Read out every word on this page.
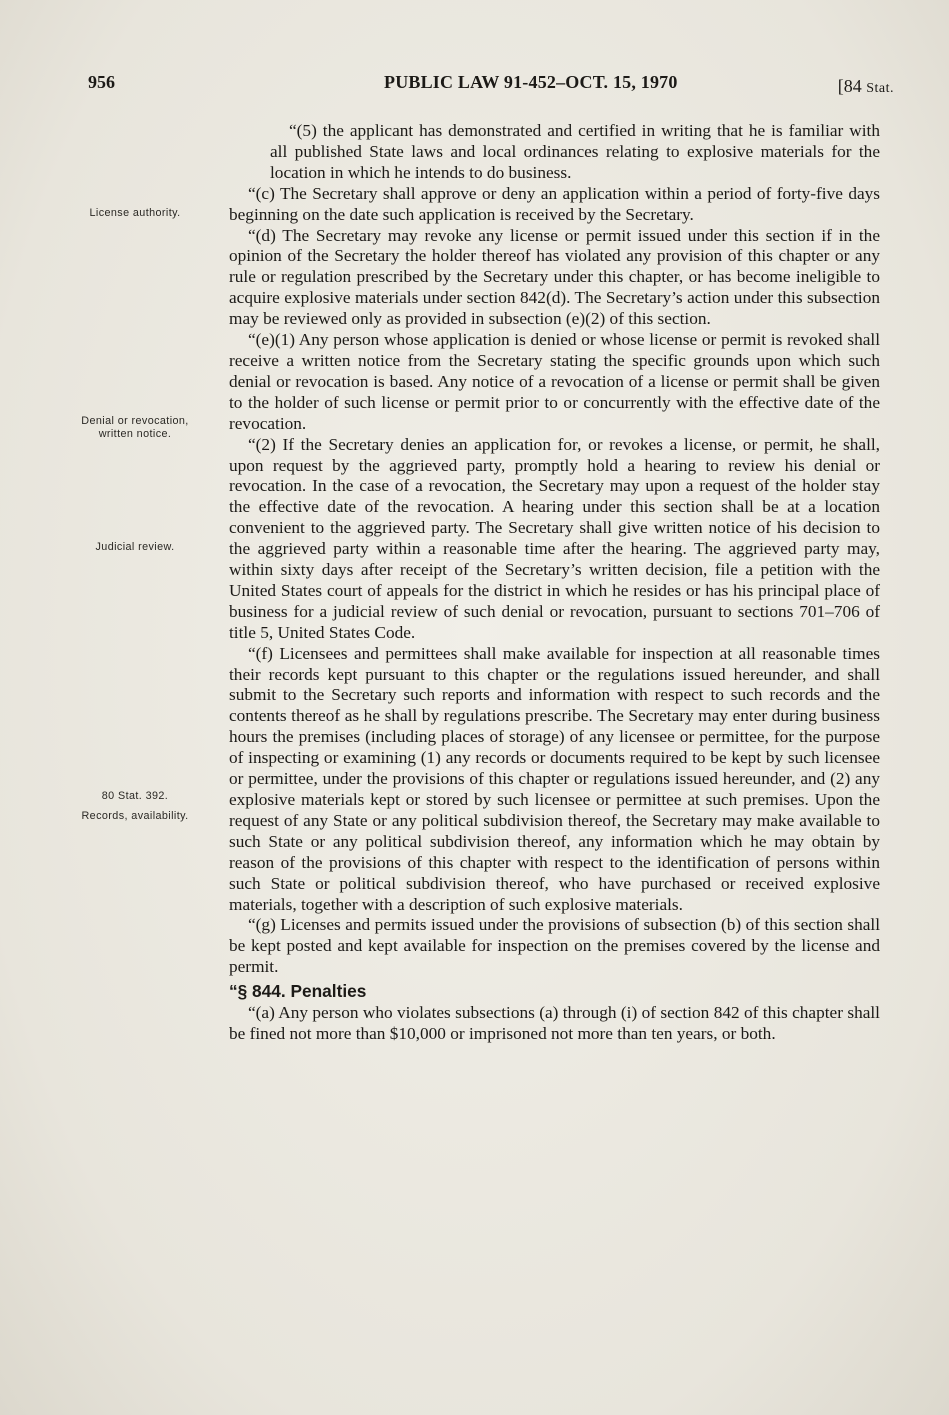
956	PUBLIC LAW 91-452–OCT. 15, 1970	[84 Stat.
License authority.
Denial or revocation, written notice.
Judicial review.
80 Stat. 392.
Records, availability.

“(5) the applicant has demonstrated and certified in writing that he is familiar with all published State laws and local ordinances relating to explosive materials for the location in which he intends to do business.

“(c) The Secretary shall approve or deny an application within a period of forty-five days beginning on the date such application is received by the Secretary.

“(d) The Secretary may revoke any license or permit issued under this section if in the opinion of the Secretary the holder thereof has violated any provision of this chapter or any rule or regulation prescribed by the Secretary under this chapter, or has become ineligible to acquire explosive materials under section 842(d). The Secretary’s action under this subsection may be reviewed only as provided in subsection (e)(2) of this section.

“(e)(1) Any person whose application is denied or whose license or permit is revoked shall receive a written notice from the Secretary stating the specific grounds upon which such denial or revocation is based. Any notice of a revocation of a license or permit shall be given to the holder of such license or permit prior to or concurrently with the effective date of the revocation.

“(2) If the Secretary denies an application for, or revokes a license, or permit, he shall, upon request by the aggrieved party, promptly hold a hearing to review his denial or revocation. In the case of a revocation, the Secretary may upon a request of the holder stay the effective date of the revocation. A hearing under this section shall be at a location convenient to the aggrieved party. The Secretary shall give written notice of his decision to the aggrieved party within a reasonable time after the hearing. The aggrieved party may, within sixty days after receipt of the Secretary’s written decision, file a petition with the United States court of appeals for the district in which he resides or has his principal place of business for a judicial review of such denial or revocation, pursuant to sections 701–706 of title 5, United States Code.

“(f) Licensees and permittees shall make available for inspection at all reasonable times their records kept pursuant to this chapter or the regulations issued hereunder, and shall submit to the Secretary such reports and information with respect to such records and the contents thereof as he shall by regulations prescribe. The Secretary may enter during business hours the premises (including places of storage) of any licensee or permittee, for the purpose of inspecting or examining (1) any records or documents required to be kept by such licensee or permittee, under the provisions of this chapter or regulations issued hereunder, and (2) any explosive materials kept or stored by such licensee or permittee at such premises. Upon the request of any State or any political subdivision thereof, the Secretary may make available to such State or any political subdivision thereof, any information which he may obtain by reason of the provisions of this chapter with respect to the identification of persons within such State or political subdivision thereof, who have purchased or received explosive materials, together with a description of such explosive materials.

“(g) Licenses and permits issued under the provisions of subsection (b) of this section shall be kept posted and kept available for inspection on the premises covered by the license and permit.

“§ 844. Penalties

“(a) Any person who violates subsections (a) through (i) of section 842 of this chapter shall be fined not more than $10,000 or imprisoned not more than ten years, or both.
